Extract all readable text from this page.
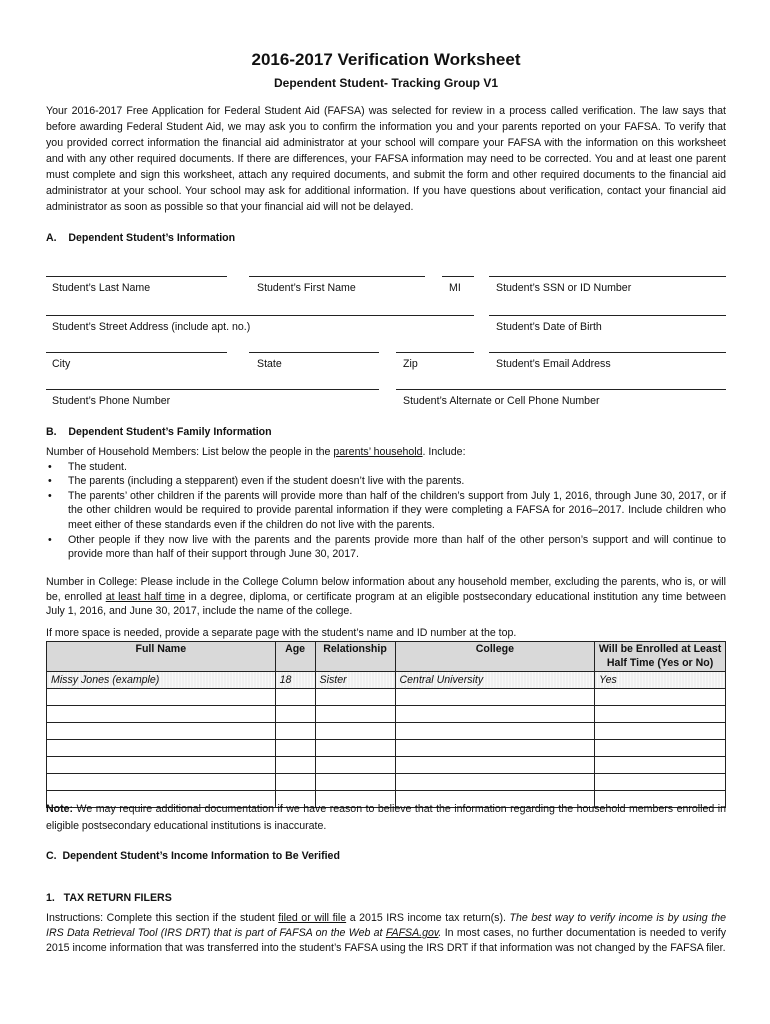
2016-2017 Verification Worksheet
Dependent Student- Tracking Group V1
Your 2016-2017 Free Application for Federal Student Aid (FAFSA) was selected for review in a process called verification. The law says that before awarding Federal Student Aid, we may ask you to confirm the information you and your parents reported on your FAFSA. To verify that you provided correct information the financial aid administrator at your school will compare your FAFSA with the information on this worksheet and with any other required documents. If there are differences, your FAFSA information may need to be corrected. You and at least one parent must complete and sign this worksheet, attach any required documents, and submit the form and other required documents to the financial aid administrator at your school. Your school may ask for additional information. If you have questions about verification, contact your financial aid administrator as soon as possible so that your financial aid will not be delayed.
A.    Dependent Student’s Information
Student’s Last Name	Student’s First Name	MI	Student’s SSN or ID Number
Student’s Street Address (include apt. no.)	Student’s Date of Birth
City	State	Zip	Student’s Email Address
Student’s Phone Number	Student’s Alternate or Cell Phone Number
B.    Dependent Student’s Family Information
Number of Household Members: List below the people in the parents’ household. Include:
• The student.
• The parents (including a stepparent) even if the student doesn’t live with the parents.
• The parents’ other children if the parents will provide more than half of the children’s support from July 1, 2016, through June 30, 2017, or if the other children would be required to provide parental information if they were completing a FAFSA for 2016–2017. Include children who meet either of these standards even if the children do not live with the parents.
• Other people if they now live with the parents and the parents provide more than half of the other person’s support and will continue to provide more than half of their support through June 30, 2017.
Number in College: Please include in the College Column below information about any household member, excluding the parents, who is, or will be, enrolled at least half time in a degree, diploma, or certificate program at an eligible postsecondary educational institution any time between July 1, 2016, and June 30, 2017, include the name of the college.
If more space is needed, provide a separate page with the student’s name and ID number at the top.
Full Name	Age	Relationship	College	Will be Enrolled at Least Half Time (Yes or No)
Missy Jones (example)	18	Sister	Central University	Yes

Note: We may require additional documentation if we have reason to believe that the information regarding the household members enrolled in eligible postsecondary educational institutions is inaccurate.
C.  Dependent Student’s Income Information to Be Verified
1.   TAX RETURN FILERS
Instructions: Complete this section if the student filed or will file a 2015 IRS income tax return(s). The best way to verify income is by using the IRS Data Retrieval Tool (IRS DRT) that is part of FAFSA on the Web at FAFSA.gov. In most cases, no further documentation is needed to verify 2015 income information that was transferred into the student’s FAFSA using the IRS DRT if that information was not changed by the FAFSA filer.
